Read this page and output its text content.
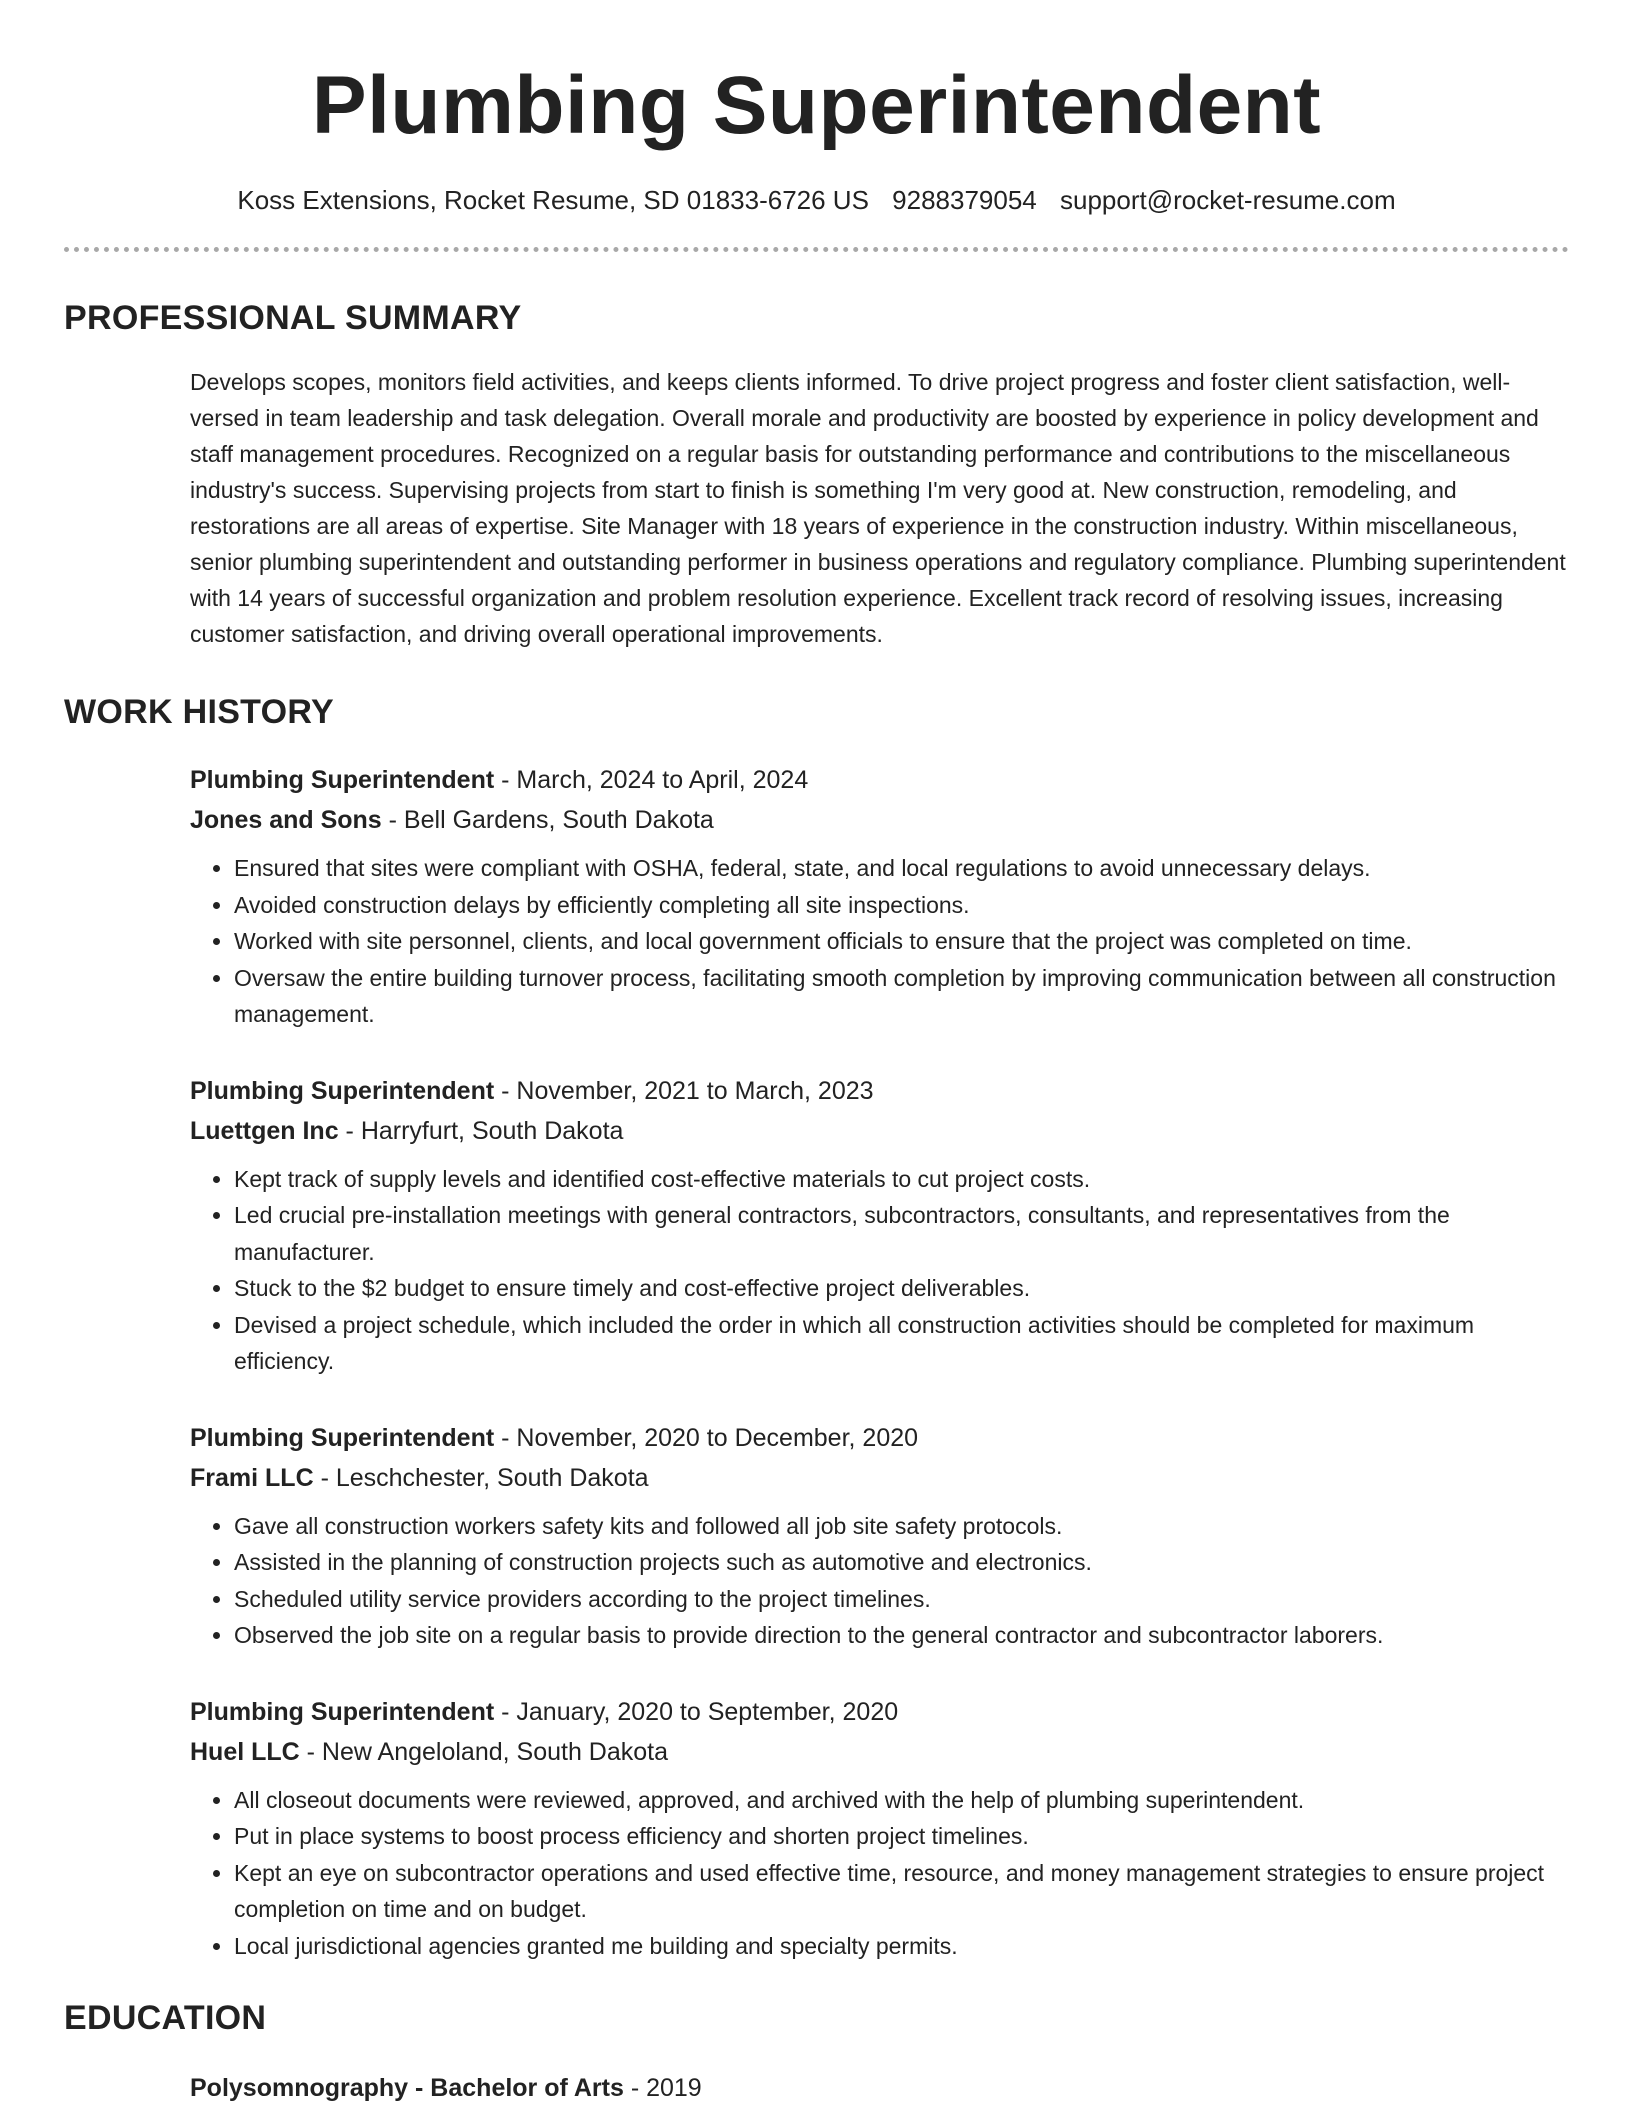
Plumbing Superintendent
Koss Extensions, Rocket Resume, SD 01833-6726 US 9288379054 support@rocket-resume.com
PROFESSIONAL SUMMARY

Develops scopes, monitors field activities, and keeps clients informed. To drive project progress and foster client satisfaction, well-versed in team leadership and task delegation. Overall morale and productivity are boosted by experience in policy development and staff management procedures. Recognized on a regular basis for outstanding performance and contributions to the miscellaneous industry's success. Supervising projects from start to finish is something I'm very good at. New construction, remodeling, and restorations are all areas of expertise. Site Manager with 18 years of experience in the construction industry. Within miscellaneous, senior plumbing superintendent and outstanding performer in business operations and regulatory compliance. Plumbing superintendent with 14 years of successful organization and problem resolution experience. Excellent track record of resolving issues, increasing customer satisfaction, and driving overall operational improvements.

WORK HISTORY
Plumbing Superintendent - March, 2024 to April, 2024
Jones and Sons - Bell Gardens, South Dakota
• Ensured that sites were compliant with OSHA, federal, state, and local regulations to avoid unnecessary delays.
• Avoided construction delays by efficiently completing all site inspections.
• Worked with site personnel, clients, and local government officials to ensure that the project was completed on time.
• Oversaw the entire building turnover process, facilitating smooth completion by improving communication between all construction management.
Plumbing Superintendent - November, 2021 to March, 2023
Luettgen Inc - Harryfurt, South Dakota
• Kept track of supply levels and identified cost-effective materials to cut project costs.
• Led crucial pre-installation meetings with general contractors, subcontractors, consultants, and representatives from the manufacturer.
• Stuck to the $2 budget to ensure timely and cost-effective project deliverables.
• Devised a project schedule, which included the order in which all construction activities should be completed for maximum efficiency.
Plumbing Superintendent - November, 2020 to December, 2020
Frami LLC - Leschchester, South Dakota
• Gave all construction workers safety kits and followed all job site safety protocols.
• Assisted in the planning of construction projects such as automotive and electronics.
• Scheduled utility service providers according to the project timelines.
• Observed the job site on a regular basis to provide direction to the general contractor and subcontractor laborers.
Plumbing Superintendent - January, 2020 to September, 2020
Huel LLC - New Angeloland, South Dakota
• All closeout documents were reviewed, approved, and archived with the help of plumbing superintendent.
• Put in place systems to boost process efficiency and shorten project timelines.
• Kept an eye on subcontractor operations and used effective time, resource, and money management strategies to ensure project completion on time and on budget.
• Local jurisdictional agencies granted me building and specialty permits.
EDUCATION
Polysomnography - Bachelor of Arts - 2019
